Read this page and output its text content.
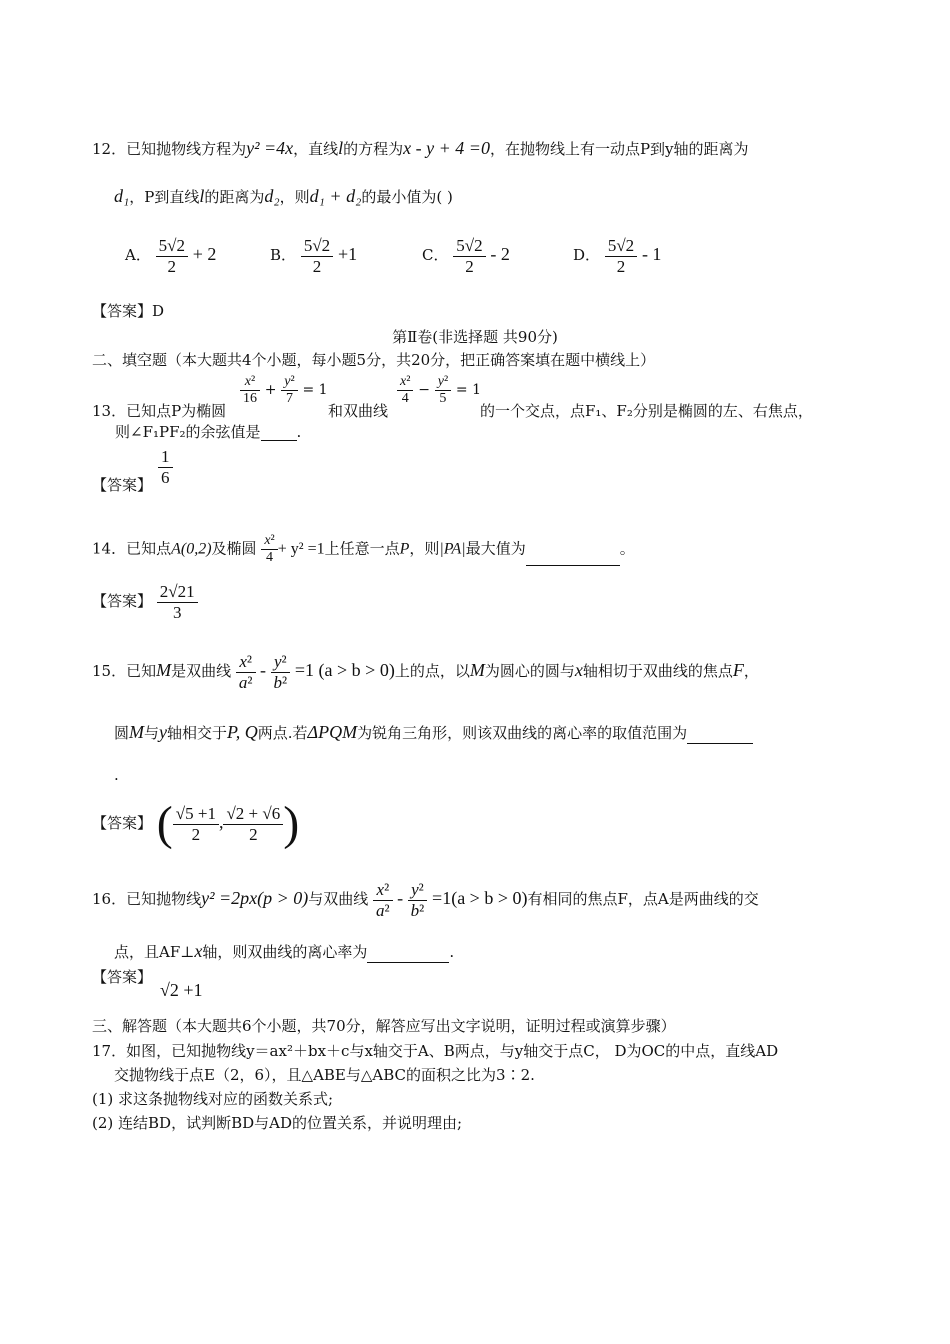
12．已知抛物线方程为y² =4x，直线l的方程为x - y + 4 =0，在抛物线上有一动点P到y轴的距离为
d₁，P到直线l的距离为d₂，则d₁ + d₂的最小值为( )
A． $\frac{5√2}{2} + 2$	B． $\frac{5√2}{2} +1$	C． $\frac{5√2}{2} - 2$	D． $\frac{5√2}{2} - 1$
【答案】D
第Ⅱ卷(非选择题 共90分)
二、填空题（本大题共4个小题，每小题5分，共20分，把正确答案填在题中横线上）
13．已知点P为椭圆
$\frac{\text{x²}}{16} + \frac{\text{y²}}{7} = 1$
和双曲线
$\frac{\text{x²}}{4} - \frac{\text{y²}}{5} = 1$
的一个交点，点F₁、F₂分别是椭圆的左、右焦点，
则∠F₁PF₂的余弦值是 .
【答案】 $\frac{1}{6}$
14．已知点A(0,2)及椭圆 $\frac{\text{x²}}{4} + y^2 =1$上任意一点P，则|PA|最大值为	。
【答案】 $\frac{2√21}{3}$
15．已知M是双曲线 $\frac{\text{x²}}{\text{a²}} - \frac{\text{y²}}{\text{b²}} =1$ (a > b > 0)上的点，以M为圆心的圆与x轴相切于双曲线的焦点F，
圆M与y轴相交于P, Q两点.若ΔPQM为锐角三角形，则该双曲线的离心率的取值范围为
.
【答案】 ( $\frac{√5 +1}{2}$ , $\frac{√2 + √6}{2}$ )
16．已知抛物线y² =2px(p > 0)与双曲线 $\frac{\text{x²}}{\text{a²}} - \frac{\text{y²}}{\text{b²}} =1(a > b > 0)$有相同的焦点F，点A是两曲线的交
点，且AF⊥x轴，则双曲线的离心率为	.
【答案】
√2 +1
三、解答题（本大题共6个小题，共70分，解答应写出文字说明，证明过程或演算步骤）
17．如图，已知抛物线y＝ax²＋bx＋c与x轴交于A、B两点，与y轴交于点C， D为OC的中点，直线AD
交抛物线于点E（2，6），且△ABE与△ABC的面积之比为3∶2.
(1) 求这条抛物线对应的函数关系式;
(2) 连结BD，试判断BD与AD的位置关系，并说明理由;
